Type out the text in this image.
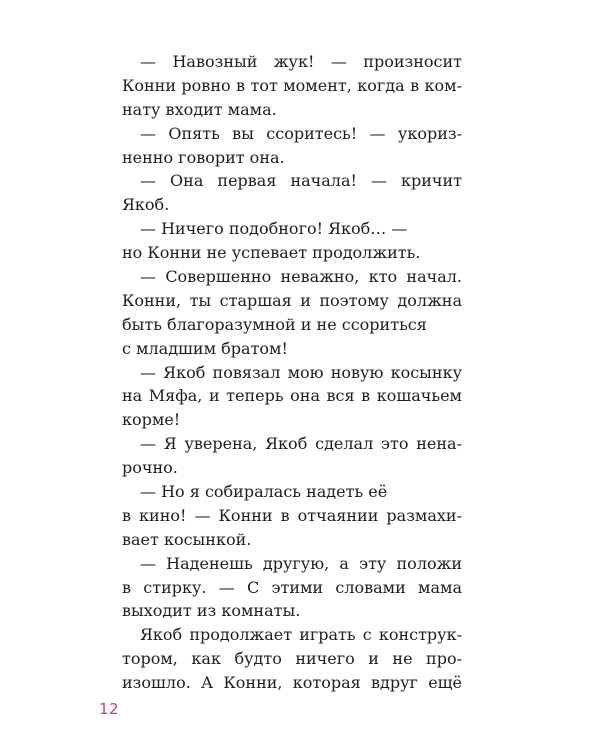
— Навозный жук! — произносит
Конни ровно в тот момент, когда в ком-
нату входит мама.
— Опять вы ссоритесь! — укориз-
ненно говорит она.
— Она первая начала! — кричит
Якоб.
— Ничего подобного! Якоб… —
но Конни не успевает продолжить.
— Совершенно неважно, кто начал.
Конни, ты старшая и поэтому должна
быть благоразумной и не ссориться
с младшим братом!
— Якоб повязал мою новую косынку
на Мяфа, и теперь она вся в кошачьем
корме!
— Я уверена, Якоб сделал это нена-
рочно.
— Но я собиралась надеть её
в кино! — Конни в отчаянии размахи-
вает косынкой.
— Наденешь другую, а эту положи
в стирку. — С этими словами мама
выходит из комнаты.
Якоб продолжает играть с конструк-
тором, как будто ничего и не про-
изошло. А Конни, которая вдруг ещё
12
